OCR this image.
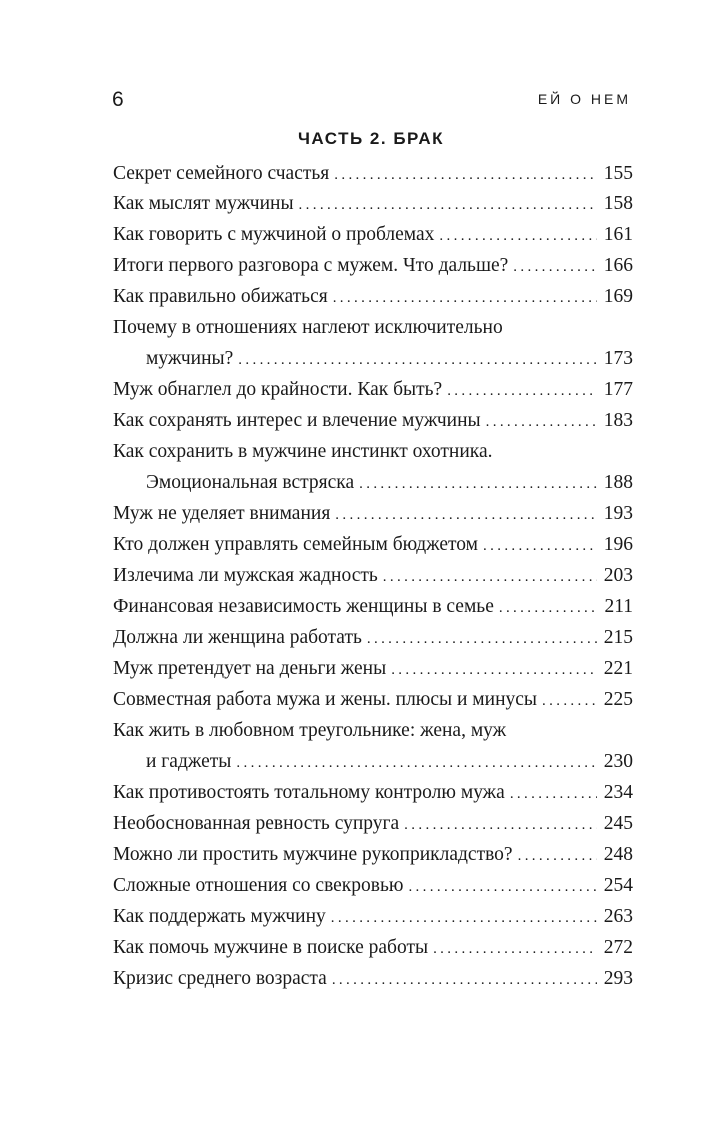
6	ЕЙ О НЕМ
ЧАСТЬ 2. БРАК
Секрет семейного счастья . . .	155
Как мыслят мужчины . . .	158
Как говорить с мужчиной о проблемах . . .	161
Итоги первого разговора с мужем. Что дальше? . . .	166
Как правильно обижаться . . .	169
Почему в отношениях наглеют исключительно
мужчины? . . .	173
Муж обнаглел до крайности. Как быть? . . .	177
Как сохранять интерес и влечение мужчины . . .	183
Как сохранить в мужчине инстинкт охотника.
Эмоциональная встряска . . .	188
Муж не уделяет внимания . . .	193
Кто должен управлять семейным бюджетом . . .	196
Излечима ли мужская жадность . . .	203
Финансовая независимость женщины в семье . . .	211
Должна ли женщина работать . . .	215
Муж претендует на деньги жены . . .	221
Совместная работа мужа и жены. плюсы и минусы . . .	225
Как жить в любовном треугольнике: жена, муж
и гаджеты . . .	230
Как противостоять тотальному контролю мужа . . .	234
Необоснованная ревность супруга . . .	245
Можно ли простить мужчине рукоприкладство? . . .	248
Сложные отношения со свекровью . . .	254
Как поддержать мужчину . . .	263
Как помочь мужчине в поиске работы . . .	272
Кризис среднего возраста . . .	293
